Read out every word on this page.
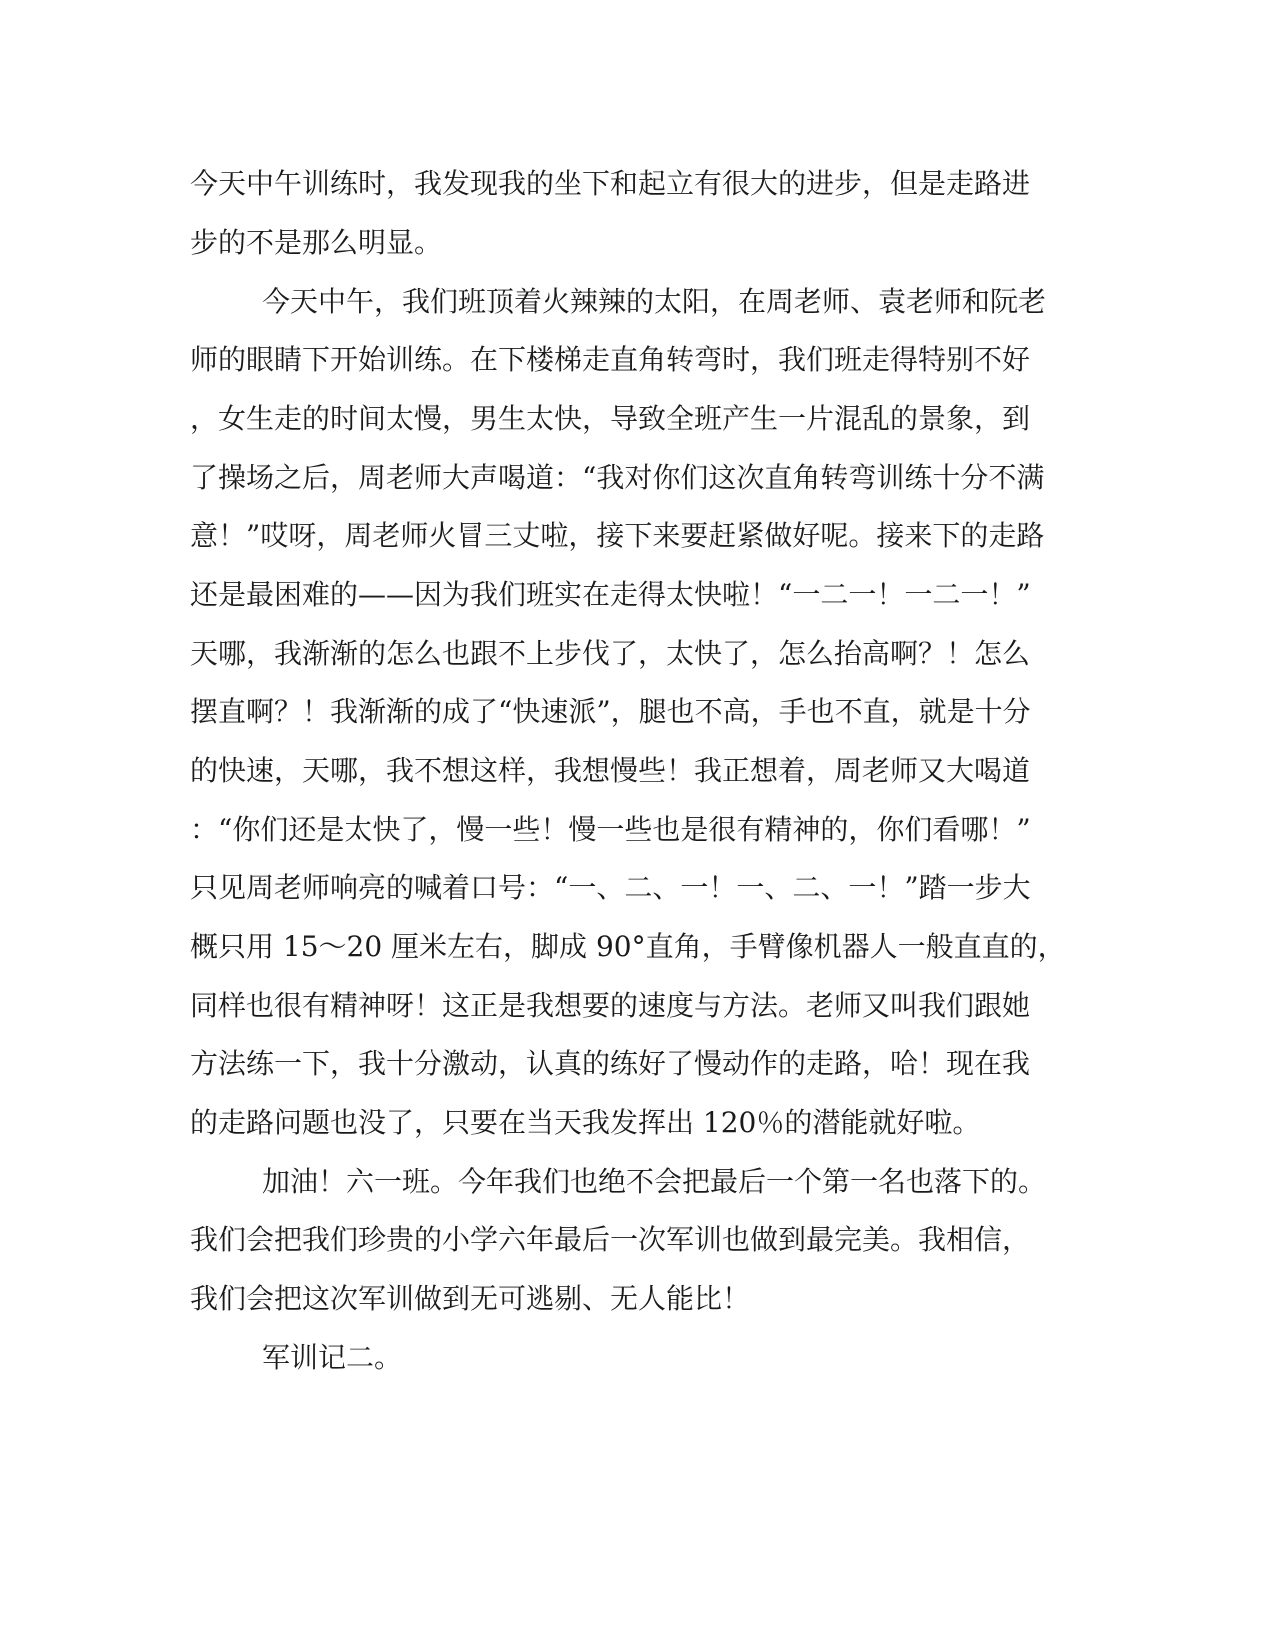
今天中午训练时，我发现我的坐下和起立有很大的进步，但是走路进
步的不是那么明显。
今天中午，我们班顶着火辣辣的太阳，在周老师、袁老师和阮老
师的眼睛下开始训练。在下楼梯走直角转弯时，我们班走得特别不好
，女生走的时间太慢，男生太快，导致全班产生一片混乱的景象，到
了操场之后，周老师大声喝道：“我对你们这次直角转弯训练十分不满
意！”哎呀，周老师火冒三丈啦，接下来要赶紧做好呢。接来下的走路
还是最困难的——因为我们班实在走得太快啦！“一二一！一二一！”
天哪，我渐渐的怎么也跟不上步伐了，太快了，怎么抬高啊？！怎么
摆直啊？！我渐渐的成了“快速派”，腿也不高，手也不直，就是十分
的快速，天哪，我不想这样，我想慢些！我正想着，周老师又大喝道
：“你们还是太快了，慢一些！慢一些也是很有精神的，你们看哪！”
只见周老师响亮的喊着口号：“一、二、一！一、二、一！”踏一步大
概只用 15～20 厘米左右，脚成 90°直角，手臂像机器人一般直直的，
同样也很有精神呀！这正是我想要的速度与方法。老师又叫我们跟她
方法练一下，我十分激动，认真的练好了慢动作的走路，哈！现在我
的走路问题也没了，只要在当天我发挥出 120％的潜能就好啦。
加油！六一班。今年我们也绝不会把最后一个第一名也落下的。
我们会把我们珍贵的小学六年最后一次军训也做到最完美。我相信，
我们会把这次军训做到无可逃剔、无人能比！
军训记二。
